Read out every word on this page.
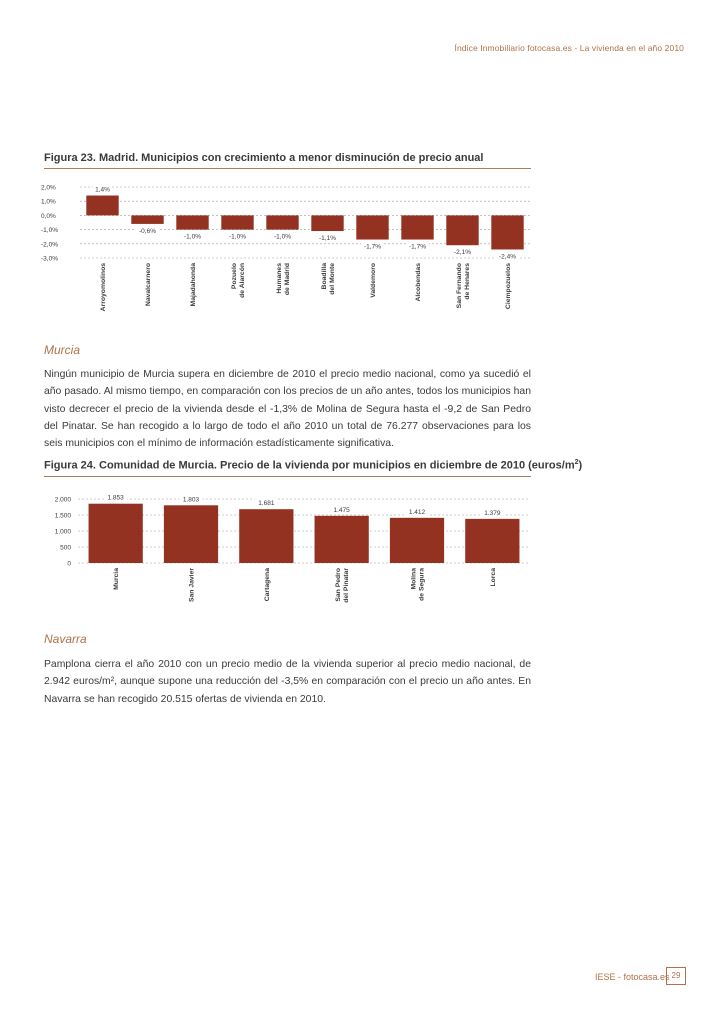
Índice Inmobiliario fotocasa.es - La vivienda en el año 2010
Figura 23. Madrid. Municipios con crecimiento a menor disminución de precio anual
2,0%
1,0%
0,0%
-1,0%
-2,0%
-3,0%
1,4%
Arroyomolinos
-0,6%
Navalcarnero
-1,0%
Majadahonda
-1,0%
Pozuelo de Alarcón
-1,0%
Humanes de Madrid
-1,1%
Boadilla del Monte
-1,7%
Valdemoro
-1,7%
Alcobendas
-2,1%
San Fernando de Henares
-2,4%
Ciempozuelos
Murcia

Ningún municipio de Murcia supera en diciembre de 2010 el precio medio nacional, como ya sucedió el año pasado. Al mismo tiempo, en comparación con los precios de un año antes, todos los municipios han visto decrecer el precio de la vivienda desde el -1,3% de Molina de Segura hasta el -9,2 de San Pedro del Pinatar. Se han recogido a lo largo de todo el año 2010 un total de 76.277 observaciones para los seis municipios con el mínimo de información estadísticamente significativa.

Figura 24. Comunidad de Murcia. Precio de la vivienda por municipios en diciembre de 2010 $(euros/m^2)$
2.000
1.500
1.000
500
0
1.853
Murcia
1.803
San Javier
1.681
Cartagena
1.475
San Pedro del Pinatar
1.412
Molina de Segura
1.379
Lorca
Navarra

Pamplona cierra el año 2010 con un precio medio de la vivienda superior al precio medio nacional, de 2.942 euros/m², aunque supone una reducción del -3,5% en comparación con el precio un año antes. En Navarra se han recogido 20.515 ofertas de vivienda en 2010.

IESE - fotocasa.es 29
